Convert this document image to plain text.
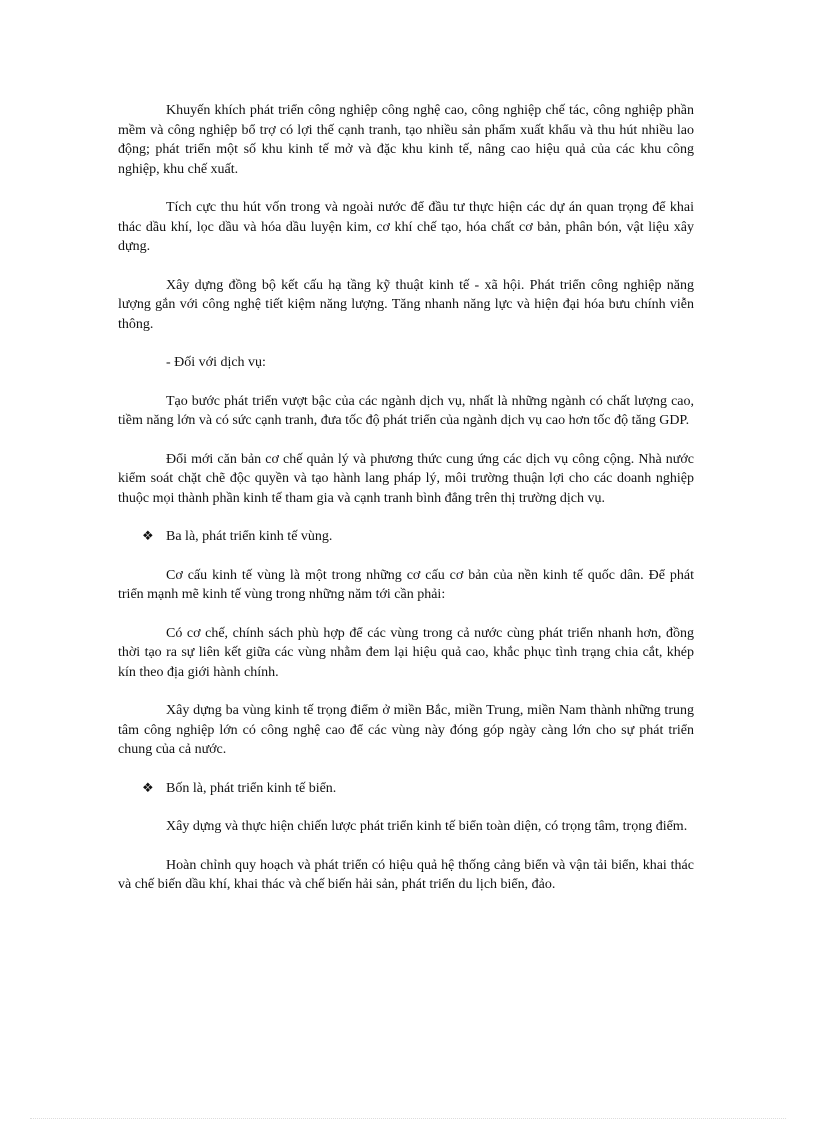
Khuyến khích phát triển công nghiệp công nghệ cao, công nghiệp chế tác, công nghiệp phần mềm và công nghiệp bổ trợ có lợi thế cạnh tranh, tạo nhiều sản phẩm xuất khẩu và thu hút nhiều lao động; phát triển một số khu kinh tế mở và đặc khu kinh tế, nâng cao hiệu quả của các khu công nghiệp, khu chế xuất.

Tích cực thu hút vốn trong và ngoài nước để đầu tư thực hiện các dự án quan trọng để khai thác dầu khí, lọc dầu và hóa dầu luyện kim, cơ khí chế tạo, hóa chất cơ bản, phân bón, vật liệu xây dựng.

Xây dựng đồng bộ kết cấu hạ tầng kỹ thuật kinh tế - xã hội. Phát triển công nghiệp năng lượng gắn với công nghệ tiết kiệm năng lượng. Tăng nhanh năng lực và hiện đại hóa bưu chính viễn thông.

- Đối với dịch vụ:

Tạo bước phát triển vượt bậc của các ngành dịch vụ, nhất là những ngành có chất lượng cao, tiềm năng lớn và có sức cạnh tranh, đưa tốc độ phát triển của ngành dịch vụ cao hơn tốc độ tăng GDP.

Đổi mới căn bản cơ chế quản lý và phương thức cung ứng các dịch vụ công cộng. Nhà nước kiểm soát chặt chẽ độc quyền và tạo hành lang pháp lý, môi trường thuận lợi cho các doanh nghiệp thuộc mọi thành phần kinh tế tham gia và cạnh tranh bình đẳng trên thị trường dịch vụ.

❖ Ba là, phát triển kinh tế vùng.

Cơ cấu kinh tế vùng là một trong những cơ cấu cơ bản của nền kinh tế quốc dân. Để phát triển mạnh mẽ kinh tế vùng trong những năm tới cần phải:

Có cơ chế, chính sách phù hợp để các vùng trong cả nước cùng phát triển nhanh hơn, đồng thời tạo ra sự liên kết giữa các vùng nhằm đem lại hiệu quả cao, khắc phục tình trạng chia cắt, khép kín theo địa giới hành chính.

Xây dựng ba vùng kinh tế trọng điểm ở miền Bắc, miền Trung, miền Nam thành những trung tâm công nghiệp lớn có công nghệ cao để các vùng này đóng góp ngày càng lớn cho sự phát triển chung của cả nước.

❖ Bốn là, phát triển kinh tế biển.

Xây dựng và thực hiện chiến lược phát triển kinh tế biển toàn diện, có trọng tâm, trọng điểm.

Hoàn chỉnh quy hoạch và phát triển có hiệu quả hệ thống cảng biển và vận tải biển, khai thác và chế biến dầu khí, khai thác và chế biến hải sản, phát triển du lịch biển, đảo.
